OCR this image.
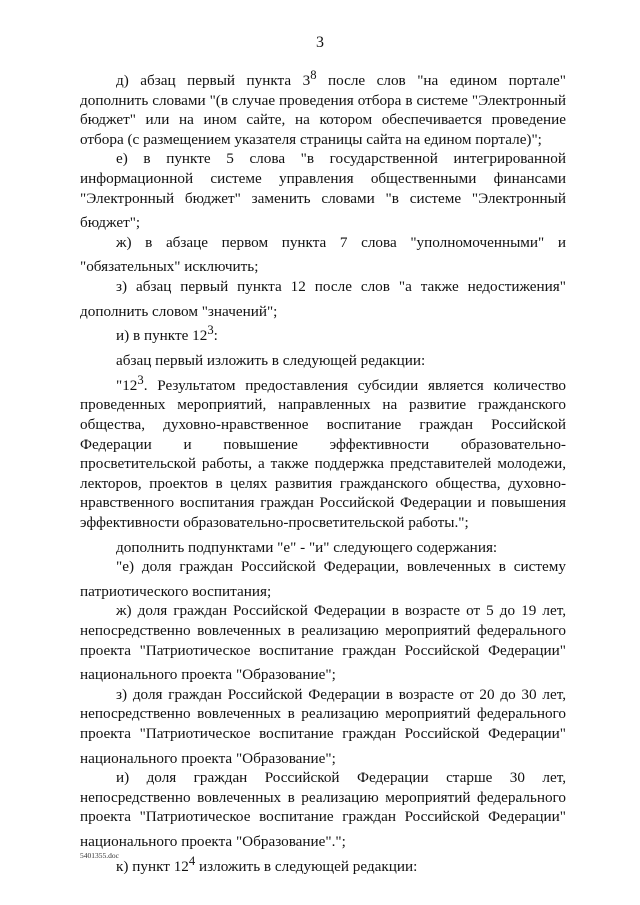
3

д) абзац первый пункта $3^8$ после слов "на едином портале" дополнить словами "(в случае проведения отбора в системе "Электронный бюджет" или на ином сайте, на котором обеспечивается проведение отбора (с размещением указателя страницы сайта на едином портале)";

е) в пункте 5 слова "в государственной интегрированной информационной системе управления общественными финансами "Электронный бюджет" заменить словами "в системе "Электронный бюджет";

ж) в абзаце первом пункта 7 слова "уполномоченными" и "обязательных" исключить;

з) абзац первый пункта 12 после слов "а также недостижения" дополнить словом "значений";

и) в пункте $12^3$:

абзац первый изложить в следующей редакции:

"$12^3$. Результатом предоставления субсидии является количество проведенных мероприятий, направленных на развитие гражданского общества, духовно-нравственное воспитание граждан Российской Федерации и повышение эффективности образовательно-просветительской работы, а также поддержка представителей молодежи, лекторов, проектов в целях развития гражданского общества, духовно-нравственного воспитания граждан Российской Федерации и повышения эффективности образовательно-просветительской работы.";

дополнить подпунктами "е" - "и" следующего содержания:

"е) доля граждан Российской Федерации, вовлеченных в систему патриотического воспитания;

ж) доля граждан Российской Федерации в возрасте от 5 до 19 лет, непосредственно вовлеченных в реализацию мероприятий федерального проекта "Патриотическое воспитание граждан Российской Федерации" национального проекта "Образование";

з) доля граждан Российской Федерации в возрасте от 20 до 30 лет, непосредственно вовлеченных в реализацию мероприятий федерального проекта "Патриотическое воспитание граждан Российской Федерации" национального проекта "Образование";

и) доля граждан Российской Федерации старше 30 лет, непосредственно вовлеченных в реализацию мероприятий федерального проекта "Патриотическое воспитание граждан Российской Федерации" национального проекта "Образование".";

к) пункт $12^4$ изложить в следующей редакции:

5401355.doc
